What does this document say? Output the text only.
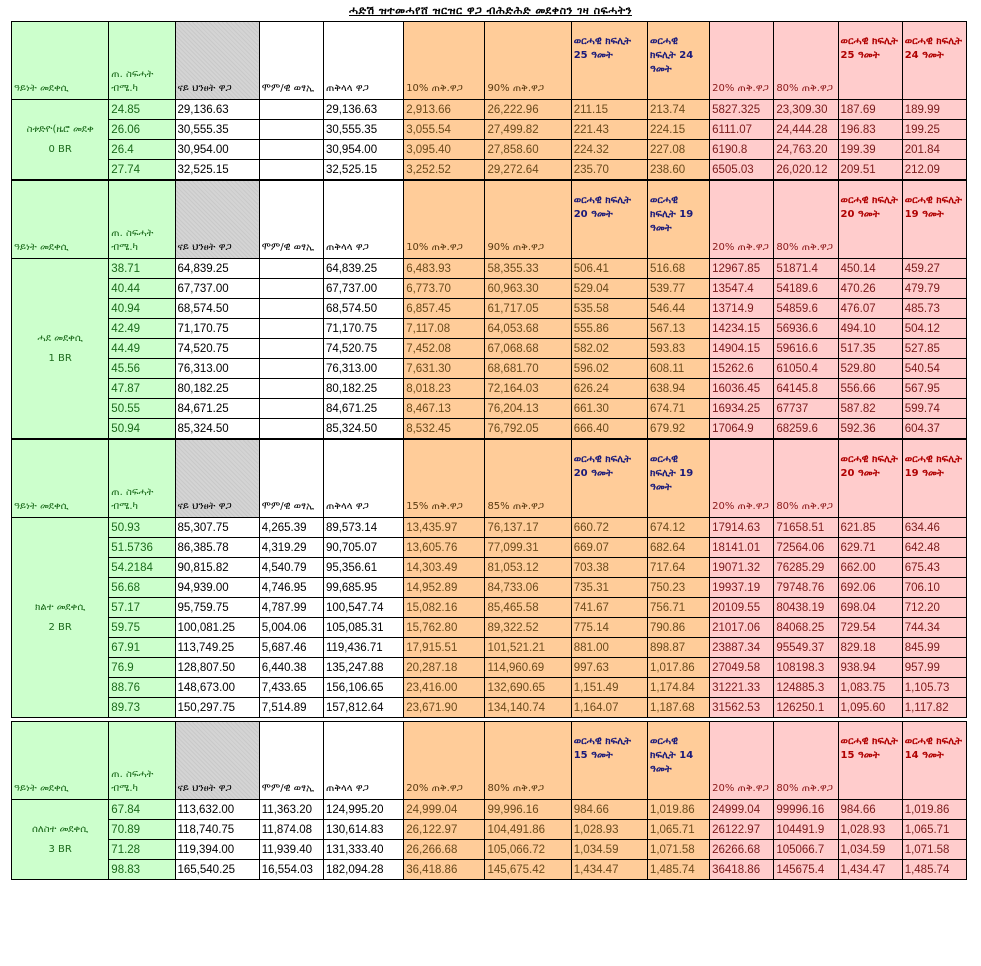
ሓድሽ ዝተመሓየሸ ዝርዝር ዋጋ ብሕድሕድ መደቀስን ገዛ ስፍሓትን
ዓይነት መደቀሲ	ጠ. ስፍሓት ብሜ.ካ	ናይ ህንፀት ዋጋ	ሞም/ዊ ወፃኢ	ጠቅላላ ዋጋ	10% ጠቅ.ዋጋ	90% ጠቅ.ዋጋ	ወርሓዊ ክፍሊት 25 ዓመት	ወርሓዊ ክፍሊት 24 ዓመት	20% ጠቅ.ዋጋ	80% ጠቅ.ዋጋ	ወርሓዊ ክፍሊት 25 ዓመት	ወርሓዊ ክፍሊት 24 ዓመት

ስቱድዮ(ዜሮ መደቀ
0 BR	24.85	29,136.63		29,136.63	2,913.66	26,222.96	211.15	213.74	5827.325	23,309.30	187.69	189.99
	26.06	30,555.35		30,555.35	3,055.54	27,499.82	221.43	224.15	6111.07	24,444.28	196.83	199.25
	26.4	30,954.00		30,954.00	3,095.40	27,858.60	224.32	227.08	6190.8	24,763.20	199.39	201.84
	27.74	32,525.15		32,525.15	3,252.52	29,272.64	235.70	238.60	6505.03	26,020.12	209.51	212.09
ዓይነት መደቀሲ	ጠ. ስፍሓት ብሜ.ካ	ናይ ህንፀት ዋጋ	ሞም/ዊ ወፃኢ	ጠቅላላ ዋጋ	10% ጠቅ.ዋጋ	90% ጠቅ.ዋጋ	ወርሓዊ ክፍሊት 20 ዓመት	ወርሓዊ ክፍሊት 19 ዓመት	20% ጠቅ.ዋጋ	80% ጠቅ.ዋጋ	ወርሓዊ ክፍሊት 20 ዓመት	ወርሓዊ ክፍሊት 19 ዓመት

ሓደ መደቀሲ
1 BR	38.71	64,839.25		64,839.25	6,483.93	58,355.33	506.41	516.68	12967.85	51871.4	450.14	459.27
	40.44	67,737.00		67,737.00	6,773.70	60,963.30	529.04	539.77	13547.4	54189.6	470.26	479.79
	40.94	68,574.50		68,574.50	6,857.45	61,717.05	535.58	546.44	13714.9	54859.6	476.07	485.73
	42.49	71,170.75		71,170.75	7,117.08	64,053.68	555.86	567.13	14234.15	56936.6	494.10	504.12
	44.49	74,520.75		74,520.75	7,452.08	67,068.68	582.02	593.83	14904.15	59616.6	517.35	527.85
	45.56	76,313.00		76,313.00	7,631.30	68,681.70	596.02	608.11	15262.6	61050.4	529.80	540.54
	47.87	80,182.25		80,182.25	8,018.23	72,164.03	626.24	638.94	16036.45	64145.8	556.66	567.95
	50.55	84,671.25		84,671.25	8,467.13	76,204.13	661.30	674.71	16934.25	67737	587.82	599.74
	50.94	85,324.50		85,324.50	8,532.45	76,792.05	666.40	679.92	17064.9	68259.6	592.36	604.37
ዓይነት መደቀሲ	ጠ. ስፍሓት ብሜ.ካ	ናይ ህንፀት ዋጋ	ሞም/ዊ ወፃኢ	ጠቅላላ ዋጋ	15% ጠቅ.ዋጋ	85% ጠቅ.ዋጋ	ወርሓዊ ክፍሊት 20 ዓመት	ወርሓዊ ክፍሊት 19 ዓመት	20% ጠቅ.ዋጋ	80% ጠቅ.ዋጋ	ወርሓዊ ክፍሊት 20 ዓመት	ወርሓዊ ክፍሊት 19 ዓመት

ክልተ መደቀሲ
2 BR	50.93	85,307.75	4,265.39	89,573.14	13,435.97	76,137.17	660.72	674.12	17914.63	71658.51	621.85	634.46
	51.5736	86,385.78	4,319.29	90,705.07	13,605.76	77,099.31	669.07	682.64	18141.01	72564.06	629.71	642.48
	54.2184	90,815.82	4,540.79	95,356.61	14,303.49	81,053.12	703.38	717.64	19071.32	76285.29	662.00	675.43
	56.68	94,939.00	4,746.95	99,685.95	14,952.89	84,733.06	735.31	750.23	19937.19	79748.76	692.06	706.10
	57.17	95,759.75	4,787.99	100,547.74	15,082.16	85,465.58	741.67	756.71	20109.55	80438.19	698.04	712.20
	59.75	100,081.25	5,004.06	105,085.31	15,762.80	89,322.52	775.14	790.86	21017.06	84068.25	729.54	744.34
	67.91	113,749.25	5,687.46	119,436.71	17,915.51	101,521.21	881.00	898.87	23887.34	95549.37	829.18	845.99
	76.9	128,807.50	6,440.38	135,247.88	20,287.18	114,960.69	997.63	1,017.86	27049.58	108198.3	938.94	957.99
	88.76	148,673.00	7,433.65	156,106.65	23,416.00	132,690.65	1,151.49	1,174.84	31221.33	124885.3	1,083.75	1,105.73
	89.73	150,297.75	7,514.89	157,812.64	23,671.90	134,140.74	1,164.07	1,187.68	31562.53	126250.1	1,095.60	1,117.82
ዓይነት መደቀሲ	ጠ. ስፍሓት ብሜ.ካ	ናይ ህንፀት ዋጋ	ሞም/ዊ ወፃኢ	ጠቅላላ ዋጋ	20% ጠቅ.ዋጋ	80% ጠቅ.ዋጋ	ወርሓዊ ክፍሊት 15 ዓመት	ወርሓዊ ክፍሊት 14 ዓመት	20% ጠቅ.ዋጋ	80% ጠቅ.ዋጋ	ወርሓዊ ክፍሊት 15 ዓመት	ወርሓዊ ክፍሊት 14 ዓመት

ሰለስተ መደቀሲ
3 BR	67.84	113,632.00	11,363.20	124,995.20	24,999.04	99,996.16	984.66	1,019.86	24999.04	99996.16	984.66	1,019.86
	70.89	118,740.75	11,874.08	130,614.83	26,122.97	104,491.86	1,028.93	1,065.71	26122.97	104491.9	1,028.93	1,065.71
	71.28	119,394.00	11,939.40	131,333.40	26,266.68	105,066.72	1,034.59	1,071.58	26266.68	105066.7	1,034.59	1,071.58
	98.83	165,540.25	16,554.03	182,094.28	36,418.86	145,675.42	1,434.47	1,485.74	36418.86	145675.4	1,434.47	1,485.74
